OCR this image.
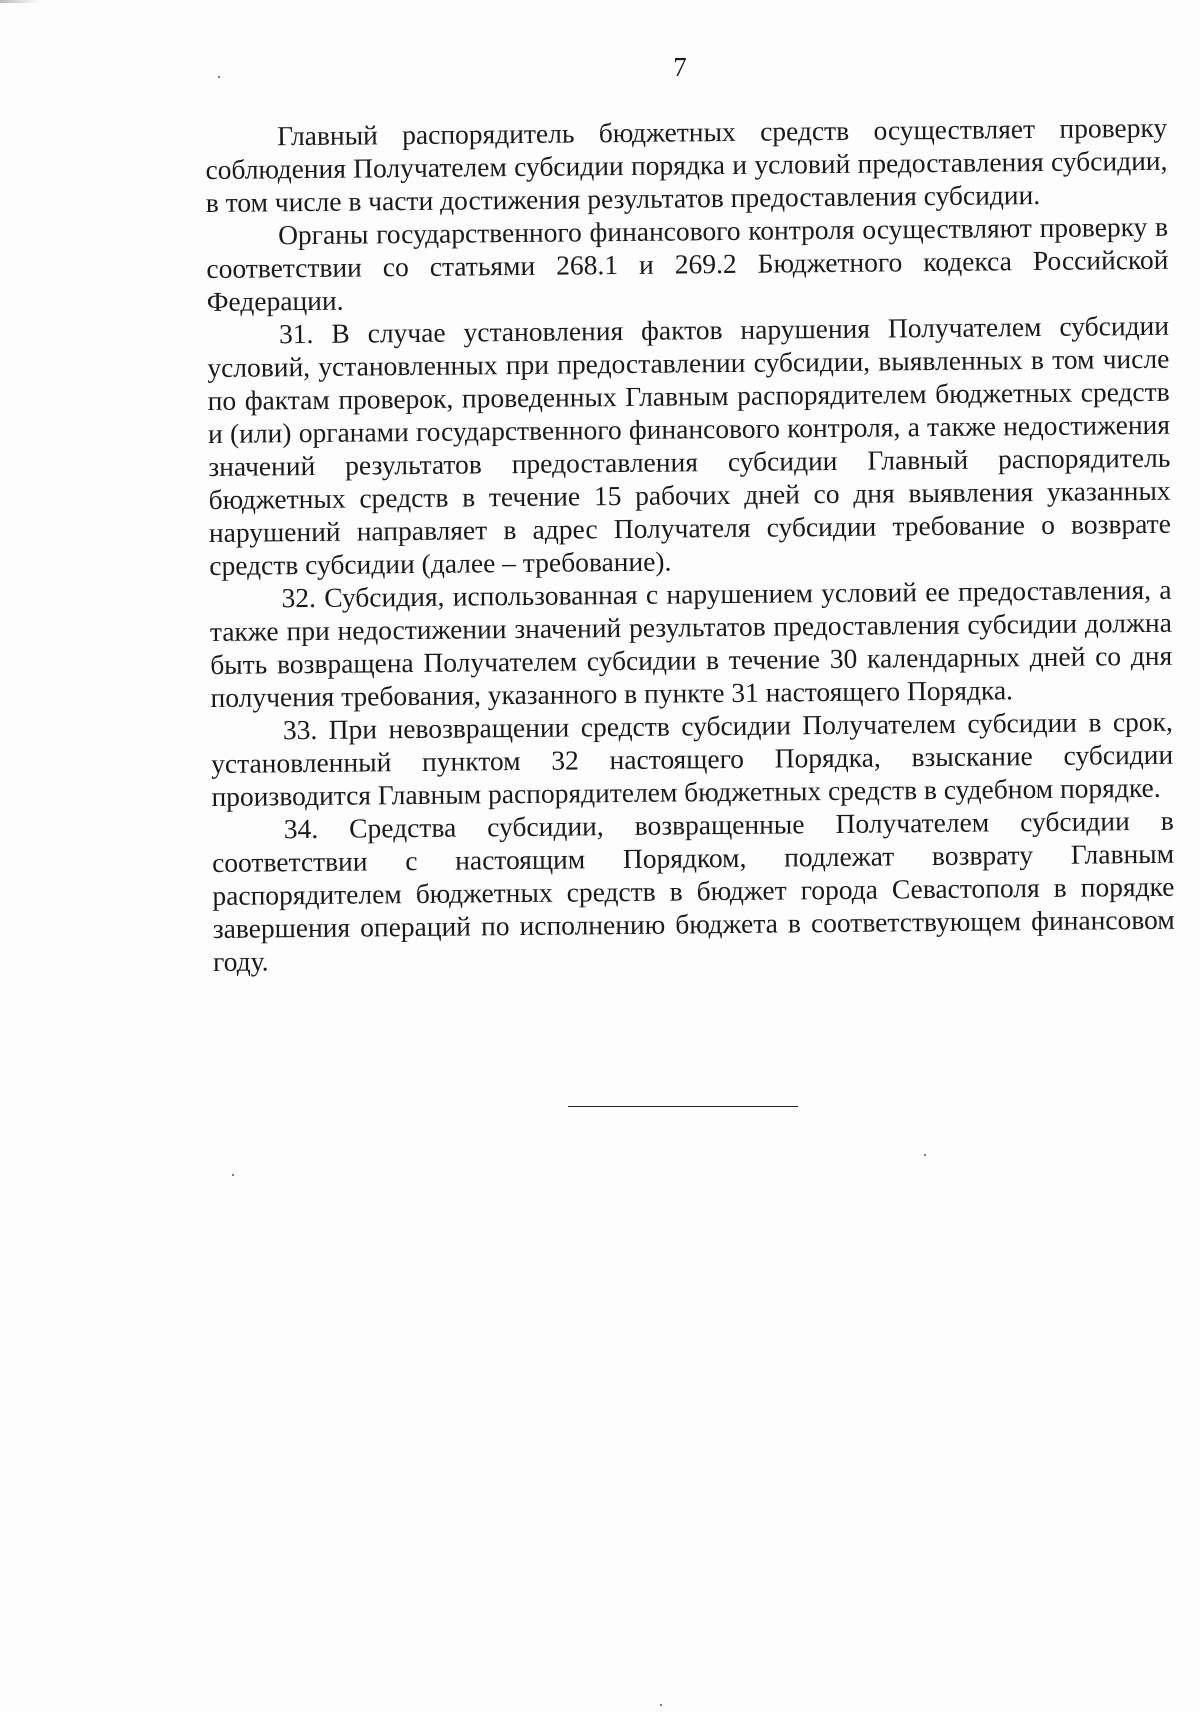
7

Главный распорядитель бюджетных средств осуществляет проверку соблюдения Получателем субсидии порядка и условий предоставления субсидии, в том числе в части достижения результатов предоставления субсидии.

Органы государственного финансового контроля осуществляют проверку в соответствии со статьями 268.1 и 269.2 Бюджетного кодекса Российской Федерации.

31. В случае установления фактов нарушения Получателем субсидии условий, установленных при предоставлении субсидии, выявленных в том числе по фактам проверок, проведенных Главным распорядителем бюджетных средств и (или) органами государственного финансового контроля, а также недостижения значений результатов предоставления субсидии Главный распорядитель бюджетных средств в течение 15 рабочих дней со дня выявления указанных нарушений направляет в адрес Получателя субсидии требование о возврате средств субсидии (далее – требование).

32. Субсидия, использованная с нарушением условий ее предоставления, а также при недостижении значений результатов предоставления субсидии должна быть возвращена Получателем субсидии в течение 30 календарных дней со дня получения требования, указанного в пункте 31 настоящего Порядка.

33. При невозвращении средств субсидии Получателем субсидии в срок, установленный пунктом 32 настоящего Порядка, взыскание субсидии производится Главным распорядителем бюджетных средств в судебном порядке.

34. Средства субсидии, возвращенные Получателем субсидии в соответствии с настоящим Порядком, подлежат возврату Главным распорядителем бюджетных средств в бюджет города Севастополя в порядке завершения операций по исполнению бюджета в соответствующем финансовом году.
